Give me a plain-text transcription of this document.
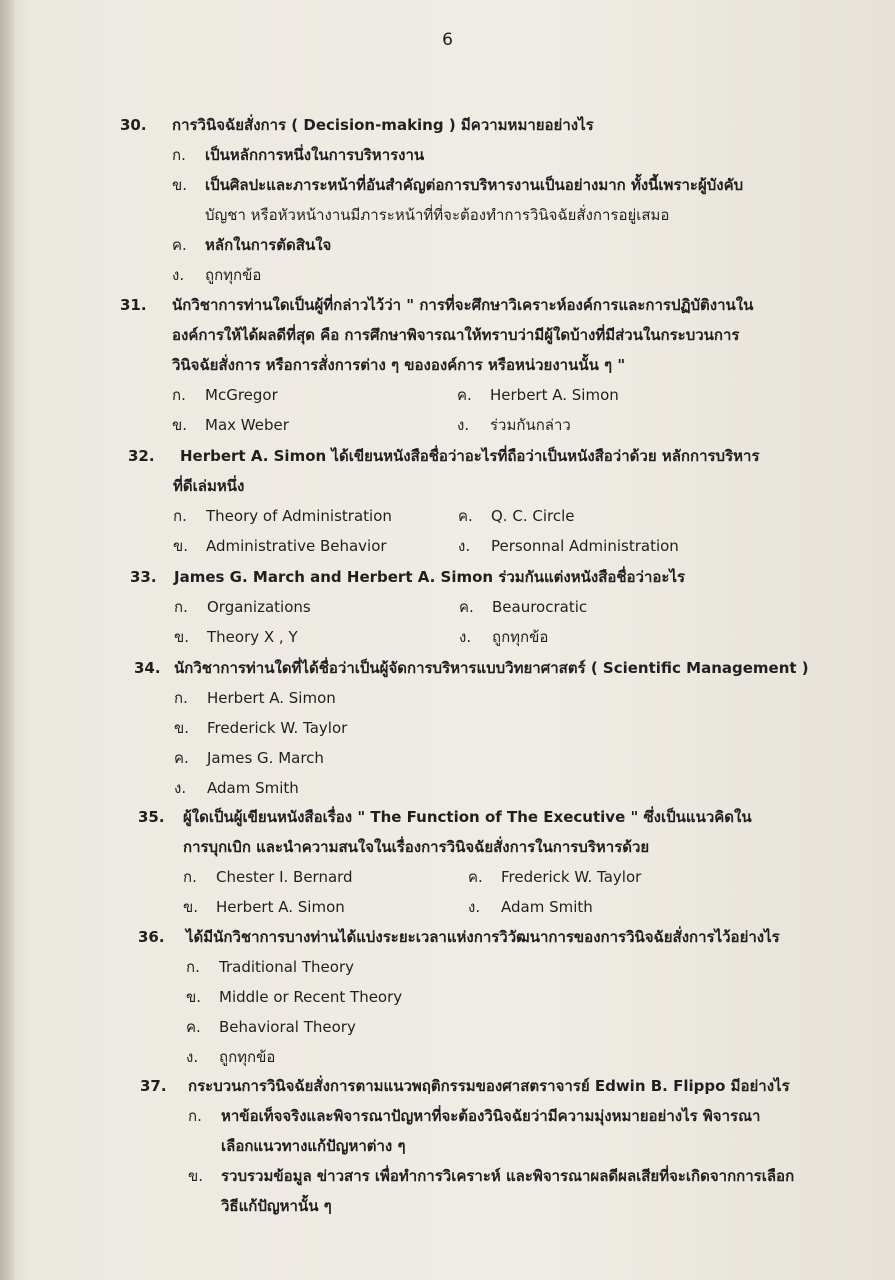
6
30.	การวินิจฉัยสั่งการ ( Decision-making ) มีความหมายอย่างไร
ก.	เป็นหลักการหนึ่งในการบริหารงาน
ข.	เป็นศิลปะและภาระหน้าที่อันสำคัญต่อการบริหารงานเป็นอย่างมาก ทั้งนี้เพราะผู้บังคับ
บัญชา หรือหัวหน้างานมีภาระหน้าที่ที่จะต้องทำการวินิจฉัยสั่งการอยู่เสมอ
ค.	หลักในการตัดสินใจ
ง.	ถูกทุกข้อ
31.	นักวิชาการท่านใดเป็นผู้ที่กล่าวไว้ว่า " การที่จะศึกษาวิเคราะห์องค์การและการปฏิบัติงานใน
องค์การให้ได้ผลดีที่สุด คือ การศึกษาพิจารณาให้ทราบว่ามีผู้ใดบ้างที่มีส่วนในกระบวนการ
วินิจฉัยสั่งการ หรือการสั่งการต่าง ๆ ขององค์การ หรือหน่วยงานนั้น ๆ "
ก.	McGregor	ค.	Herbert A. Simon
ข.	Max Weber	ง.	ร่วมกันกล่าว
32.	Herbert A. Simon ได้เขียนหนังสือชื่อว่าอะไรที่ถือว่าเป็นหนังสือว่าด้วย หลักการบริหาร
ที่ดีเล่มหนึ่ง
ก.	Theory of Administration	ค.	Q. C. Circle
ข.	Administrative Behavior	ง.	Personnal Administration
33.	James G. March and Herbert A. Simon ร่วมกันแต่งหนังสือชื่อว่าอะไร
ก.	Organizations	ค.	Beaurocratic
ข.	Theory X , Y	ง.	ถูกทุกข้อ
34. นักวิชาการท่านใดที่ได้ชื่อว่าเป็นผู้จัดการบริหารแบบวิทยาศาสตร์ ( Scientific Management )
ก.	Herbert A. Simon
ข.	Frederick W. Taylor
ค.	James G. March
ง.	Adam Smith
35.	ผู้ใดเป็นผู้เขียนหนังสือเรื่อง " The Function of The Executive " ซึ่งเป็นแนวคิดใน
การบุกเบิก และนำความสนใจในเรื่องการวินิจฉัยสั่งการในการบริหารด้วย
ก.	Chester I. Bernard	ค.	Frederick W. Taylor
ข.	Herbert A. Simon	ง.	Adam Smith
36.	ได้มีนักวิชาการบางท่านได้แบ่งระยะเวลาแห่งการวิวัฒนาการของการวินิจฉัยสั่งการไว้อย่างไร
ก.	Traditional Theory
ข.	Middle or Recent Theory
ค.	Behavioral Theory
ง.	ถูกทุกข้อ
37.	กระบวนการวินิจฉัยสั่งการตามแนวพฤติกรรมของศาสตราจารย์ Edwin B. Flippo มีอย่างไร
ก.	หาข้อเท็จจริงและพิจารณาปัญหาที่จะต้องวินิจฉัยว่ามีความมุ่งหมายอย่างไร พิจารณา
เลือกแนวทางแก้ปัญหาต่าง ๆ
ข.	รวบรวมข้อมูล ข่าวสาร เพื่อทำการวิเคราะห์ และพิจารณาผลดีผลเสียที่จะเกิดจากการเลือก
วิธีแก้ปัญหานั้น ๆ
